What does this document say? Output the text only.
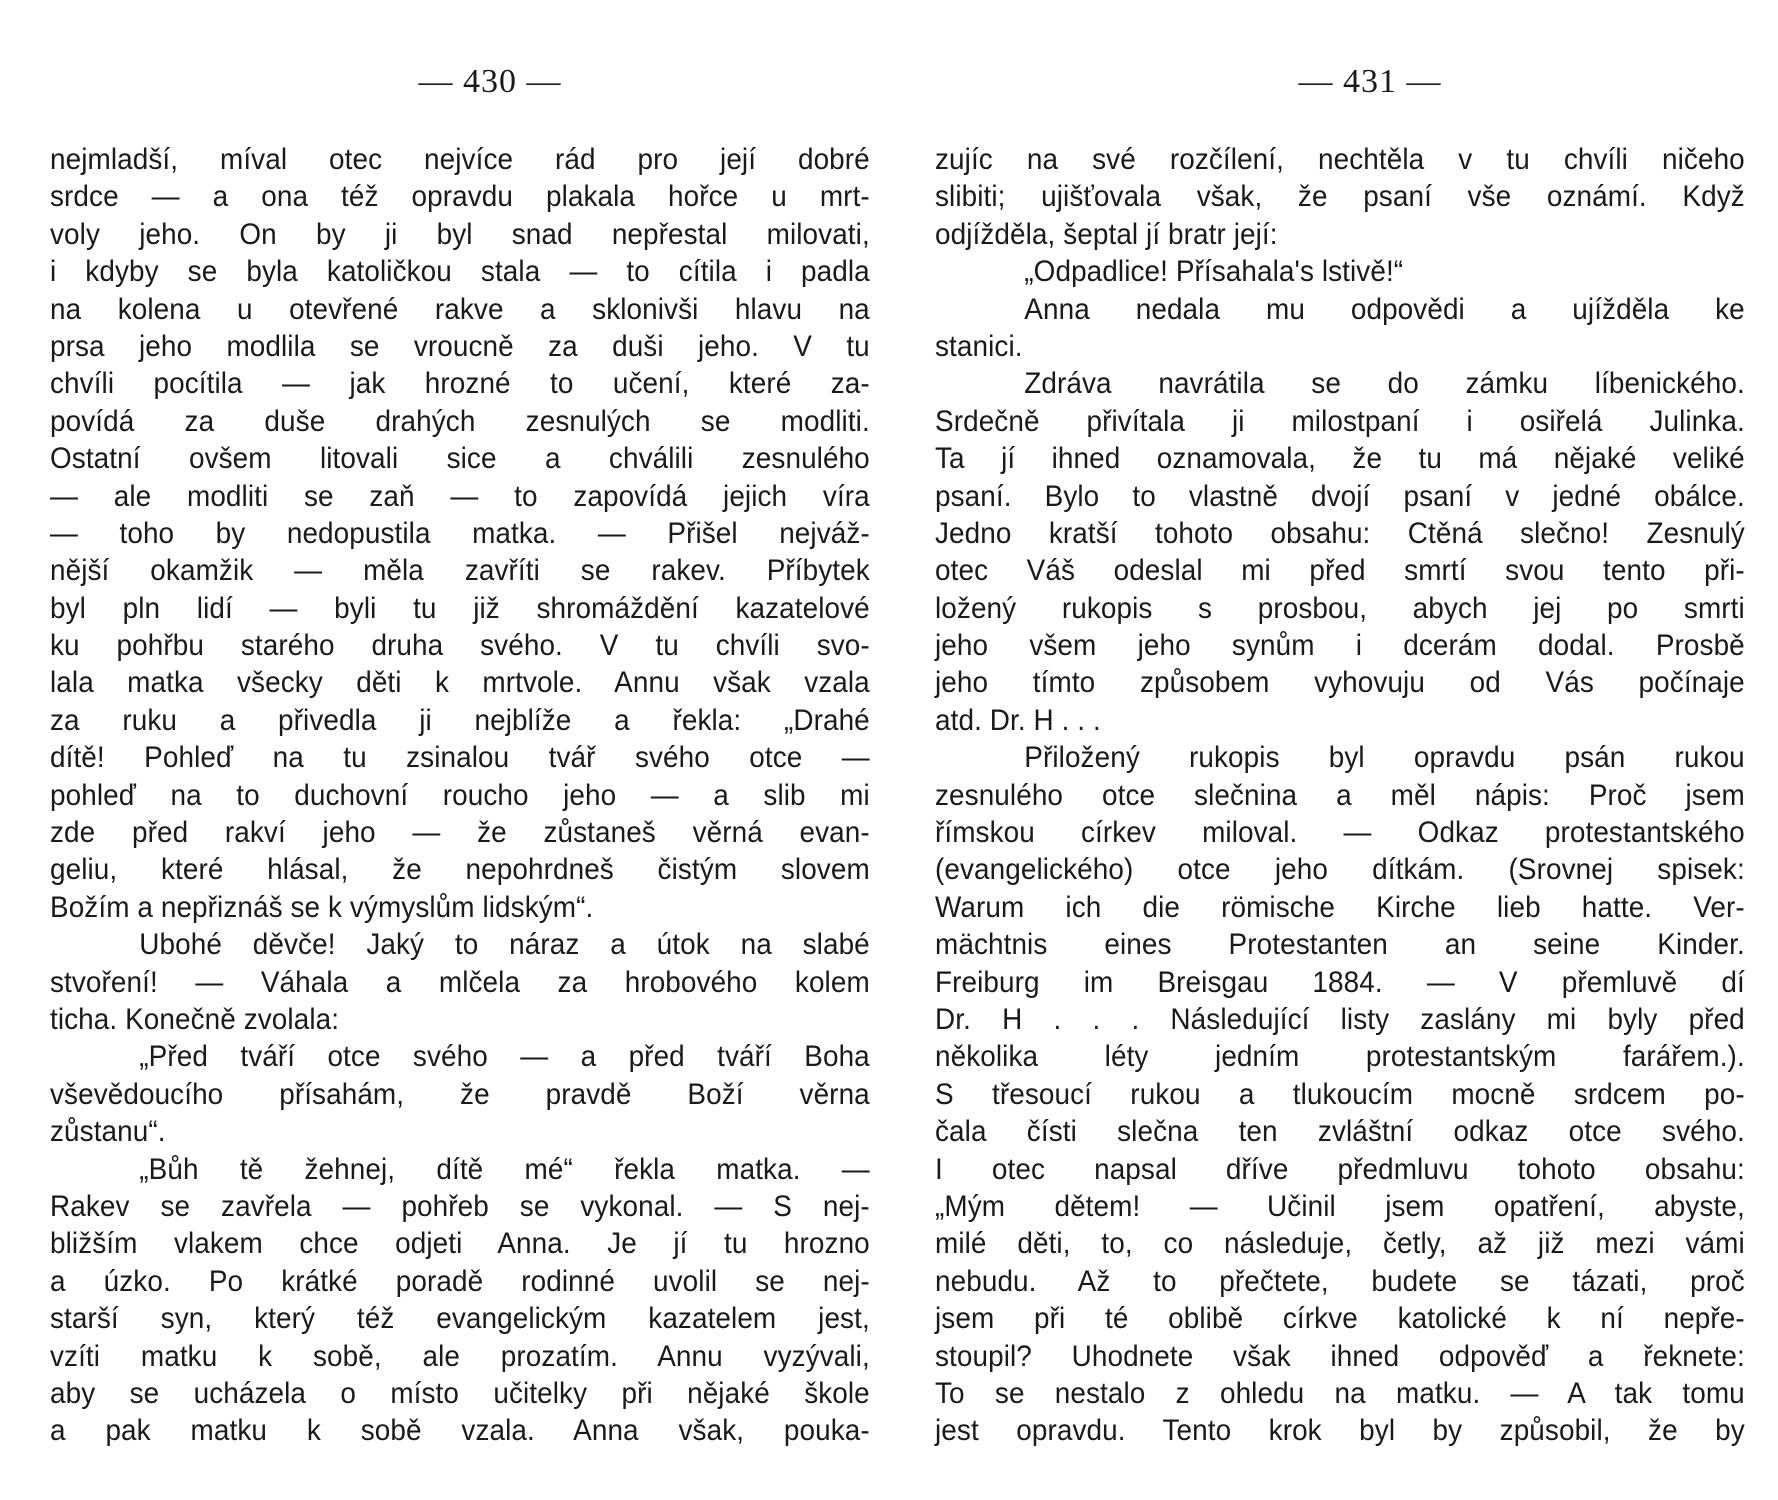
— 430 —
nejmladší, míval otec nejvíce rád pro její dobré
srdce — a ona též opravdu plakala hořce u mrt-
voly jeho. On by ji byl snad nepřestal milovati,
i kdyby se byla katoličkou stala — to cítila i padla
na kolena u otevřené rakve a sklonivši hlavu na
prsa jeho modlila se vroucně za duši jeho. V tu
chvíli pocítila — jak hrozné to učení, které za-
povídá za duše drahých zesnulých se modliti.
Ostatní ovšem litovali sice a chválili zesnulého
— ale modliti se zaň — to zapovídá jejich víra
— toho by nedopustila matka. — Přišel nejváž-
nější okamžik — měla zavříti se rakev. Příbytek
byl pln lidí — byli tu již shromáždění kazatelové
ku pohřbu starého druha svého. V tu chvíli svo-
lala matka všecky děti k mrtvole. Annu však vzala
za ruku a přivedla ji nejblíže a řekla: „Drahé
dítě! Pohleď na tu zsinalou tvář svého otce —
pohleď na to duchovní roucho jeho — a slib mi
zde před rakví jeho — že zůstaneš věrná evan-
geliu, které hlásal, že nepohrdneš čistým slovem
Božím a nepřiznáš se k výmyslům lidským“.
Ubohé děvče! Jaký to náraz a útok na slabé
stvoření! — Váhala a mlčela za hrobového kolem
ticha. Konečně zvolala:
„Před tváří otce svého — a před tváří Boha
vševědoucího přísahám, že pravdě Boží věrna
zůstanu“.
„Bůh tě žehnej, dítě mé“ řekla matka. —
Rakev se zavřela — pohřeb se vykonal. — S nej-
bližším vlakem chce odjeti Anna. Je jí tu hrozno
a úzko. Po krátké poradě rodinné uvolil se nej-
starší syn, který též evangelickým kazatelem jest,
vzíti matku k sobě, ale prozatím. Annu vyzývali,
aby se ucházela o místo učitelky při nějaké škole
a pak matku k sobě vzala. Anna však, pouka-
— 431 —
zujíc na své rozčílení, nechtěla v tu chvíli ničeho
slibiti; ujišťovala však, že psaní vše oznámí. Když
odjížděla, šeptal jí bratr její:
„Odpadlice! Přísahala's lstivě!“
Anna nedala mu odpovědi a ujížděla ke
stanici.
Zdráva navrátila se do zámku líbenického.
Srdečně přivítala ji milostpaní i osiřelá Julinka.
Ta jí ihned oznamovala, že tu má nějaké veliké
psaní. Bylo to vlastně dvojí psaní v jedné obálce.
Jedno kratší tohoto obsahu: Ctěná slečno! Zesnulý
otec Váš odeslal mi před smrtí svou tento při-
ložený rukopis s prosbou, abych jej po smrti
jeho všem jeho synům i dcerám dodal. Prosbě
jeho tímto způsobem vyhovuju od Vás počínaje
atd. Dr. H . . .
Přiložený rukopis byl opravdu psán rukou
zesnulého otce slečnina a měl nápis: Proč jsem
římskou církev miloval. — Odkaz protestantského
(evangelického) otce jeho dítkám. (Srovnej spisek:
Warum ich die römische Kirche lieb hatte. Ver-
mächtnis eines Protestanten an seine Kinder.
Freiburg im Breisgau 1884. — V přemluvě dí
Dr. H . . . Následující listy zaslány mi byly před
několika léty jedním protestantským farářem.).
S třesoucí rukou a tlukoucím mocně srdcem po-
čala čísti slečna ten zvláštní odkaz otce svého.
I otec napsal dříve předmluvu tohoto obsahu:
„Mým dětem! — Učinil jsem opatření, abyste,
milé děti, to, co následuje, četly, až již mezi vámi
nebudu. Až to přečtete, budete se tázati, proč
jsem při té oblibě církve katolické k ní nepře-
stoupil? Uhodnete však ihned odpověď a řeknete:
To se nestalo z ohledu na matku. — A tak tomu
jest opravdu. Tento krok byl by způsobil, že by
